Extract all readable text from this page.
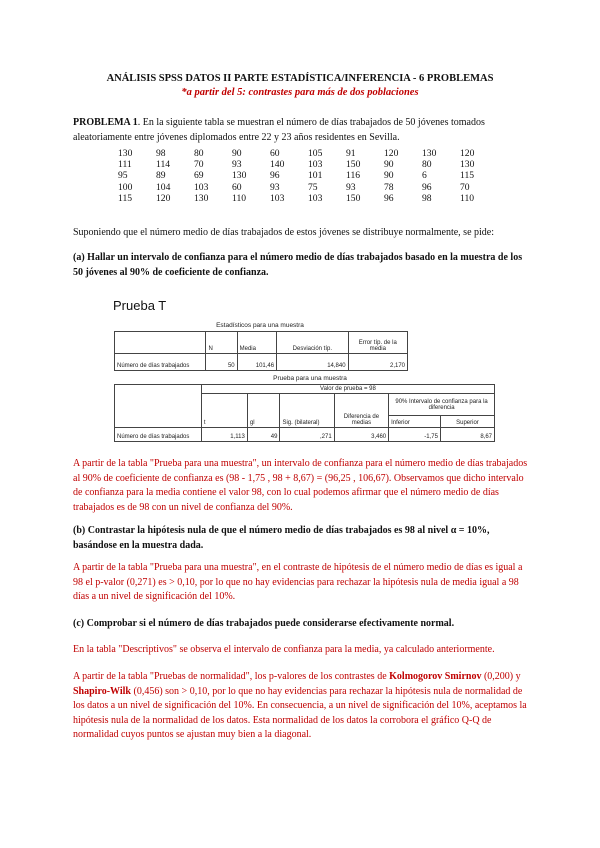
ANÁLISIS SPSS DATOS II PARTE ESTADÍSTICA/INFERENCIA - 6 PROBLEMAS
*a partir del 5: contrastes para más de dos poblaciones
PROBLEMA 1. En la siguiente tabla se muestran el número de días trabajados de 50 jóvenes tomados aleatoriamente entre jóvenes diplomados entre 22 y 23 años residentes en Sevilla.
130	98	80	90	60	105	91	120	130	120
111	114	70	93	140	103	150	90	80	130
95	89	69	130	96	101	116	90	6	115
100	104	103	60	93	75	93	78	96	70
115	120	130	110	103	103	150	96	98	110
Suponiendo que el número medio de días trabajados de estos jóvenes se distribuye normalmente, se pide:
(a) Hallar un intervalo de confianza para el número medio de días trabajados basado en la muestra de los 50 jóvenes al 90% de coeficiente de confianza.
Prueba T
Estadísticos para una muestra
	N	Media	Desviación típ.	Error típ. de la media
Número de días trabajados	50	101,46	14,840	2,170
Prueba para una muestra
	Valor de prueba = 98					
	t	gl	Sig. (bilateral)	Diferencia de medias	90% Intervalo de confianza para la diferencia	
					Inferior	Superior
Número de días trabajados	1,113	49	,271	3,460	-1,75	8,67
A partir de la tabla "Prueba para una muestra", un intervalo de confianza para el número medio de días trabajados al 90% de coeficiente de confianza es (98 - 1,75 , 98 + 8,67) = (96,25 , 106,67). Observamos que dicho intervalo de confianza para la media contiene el valor 98, con lo cual podemos afirmar que el número medio de días trabajados es de 98 con un nivel de confianza del 90%.
(b) Contrastar la hipótesis nula de que el número medio de días trabajados es 98 al nivel α = 10%, basándose en la muestra dada.
A partir de la tabla "Prueba para una muestra", en el contraste de hipótesis de el número medio de días es igual a 98 el p-valor (0,271) es > 0,10, por lo que no hay evidencias para rechazar la hipótesis nula de media igual a 98 días a un nivel de significación del 10%.
(c) Comprobar si el número de días trabajados puede considerarse efectivamente normal.
En la tabla "Descriptivos" se observa el intervalo de confianza para la media, ya calculado anteriormente.
A partir de la tabla "Pruebas de normalidad", los p-valores de los contrastes de Kolmogorov Smirnov (0,200) y Shapiro-Wilk (0,456) son > 0,10, por lo que no hay evidencias para rechazar la hipótesis nula de normalidad de los datos a un nivel de significación del 10%. En consecuencia, a un nivel de significación del 10%, aceptamos la hipótesis nula de la normalidad de los datos. Esta normalidad de los datos la corrobora el gráfico Q-Q de normalidad cuyos puntos se ajustan muy bien a la diagonal.
